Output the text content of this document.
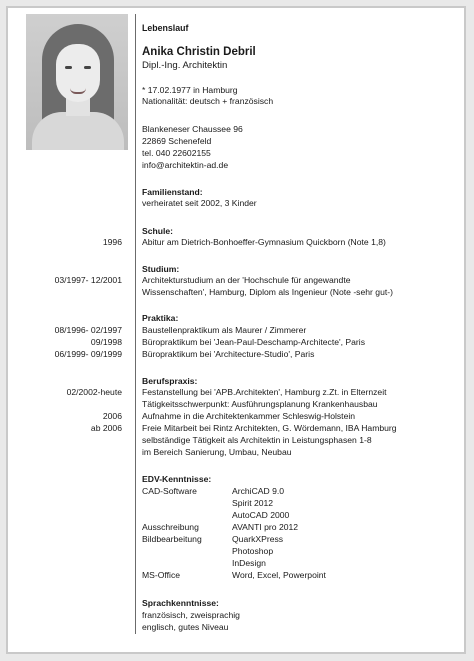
Lebenslauf
Anika Christin Debril
Dipl.-Ing. Architektin
* 17.02.1977 in Hamburg
Nationalität: deutsch + französisch
Blankeneser Chaussee 96
22869 Schenefeld
tel. 040 22602155
info@architektin-ad.de
Familienstand:
verheiratet seit 2002, 3 Kinder
Schule:
1996 Abitur am Dietrich-Bonhoeffer-Gymnasium Quickborn (Note 1,8)
Studium:
03/1997- 12/2001 Architekturstudium an der 'Hochschule für angewandte
Wissenschaften', Hamburg, Diplom als Ingenieur (Note -sehr gut-)
Praktika:
08/1996- 02/1997 Baustellenpraktikum als Maurer / Zimmerer
09/1998 Büropraktikum bei 'Jean-Paul-Deschamp-Architecte', Paris
06/1999- 09/1999 Büropraktikum bei 'Architecture-Studio', Paris
Berufspraxis:
02/2002-heute Festanstellung bei 'APB.Architekten', Hamburg z.Zt. in Elternzeit
Tätigkeitsschwerpunkt: Ausführungsplanung Krankenhausbau
2006 Aufnahme in die Architektenkammer Schleswig-Holstein
ab 2006 Freie Mitarbeit bei Rintz Architekten, G. Wördemann, IBA Hamburg
selbständige Tätigkeit als Architektin in Leistungsphasen 1-8
im Bereich Sanierung, Umbau, Neubau
EDV-Kenntnisse:
CAD-Software	ArchiCAD 9.0
Spirit 2012
AutoCAD 2000
Ausschreibung	AVANTI pro 2012
Bildbearbeitung	QuarkXPress
Photoshop
InDesign
MS-Office	Word, Excel, Powerpoint
Sprachkenntnisse:
französisch, zweisprachig
englisch, gutes Niveau
